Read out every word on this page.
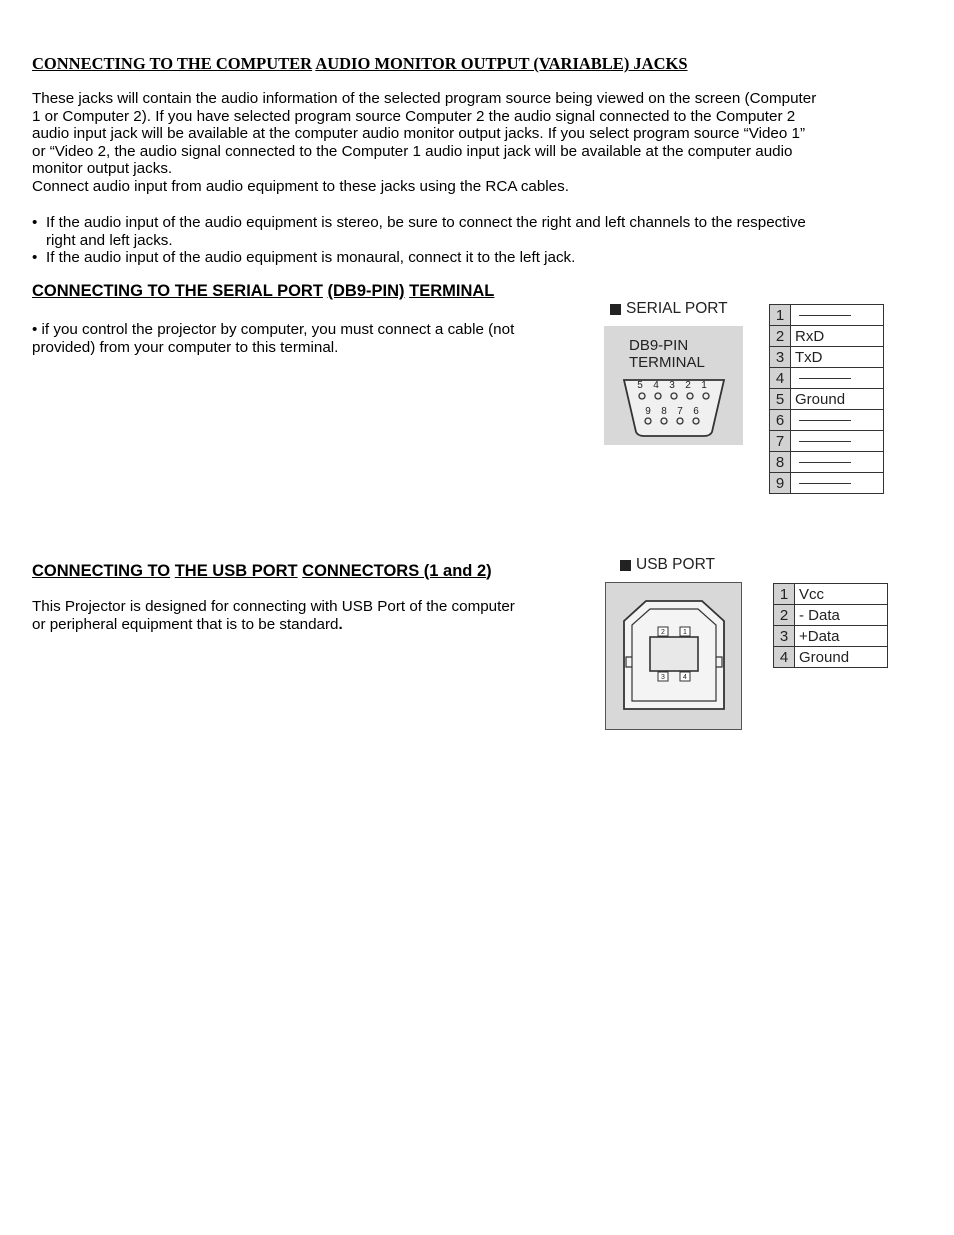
CONNECTING TO THE COMPUTER AUDIO MONITOR OUTPUT (VARIABLE) JACKS
These jacks will contain the audio information of the selected program source being viewed on the screen (Computer
1 or Computer 2). If you have selected program source Computer 2 the audio signal connected to the Computer 2
audio input jack will be available at the computer audio monitor output jacks. If you select program source “Video 1”
or “Video 2, the audio signal connected to the Computer 1 audio input jack will be available at the computer audio
monitor output jacks.
Connect audio input from audio equipment to these jacks using the RCA cables.
• If the audio input of the audio equipment is stereo, be sure to connect the right and left channels to the respective
right and left jacks.
• If the audio input of the audio equipment is monaural, connect it to the left jack.
CONNECTING TO THE SERIAL PORT (DB9-PIN) TERMINAL
• if you control the projector by computer, you must connect a cable (not
provided) from your computer to this terminal.
SERIAL PORT
DB9-PIN
TERMINAL
5 4 3 2 1
9 8 7 6
1	
2	RxD
3	TxD
4	
5	Ground
6	
7	
8	
9	
CONNECTING TO THE USB PORT CONNECTORS (1 and 2)
This Projector is designed for connecting with USB Port of the computer
or peripheral equipment that is to be standard.
USB PORT
2	1
3	4
1	Vcc
2	- Data
3	+Data
4	Ground
